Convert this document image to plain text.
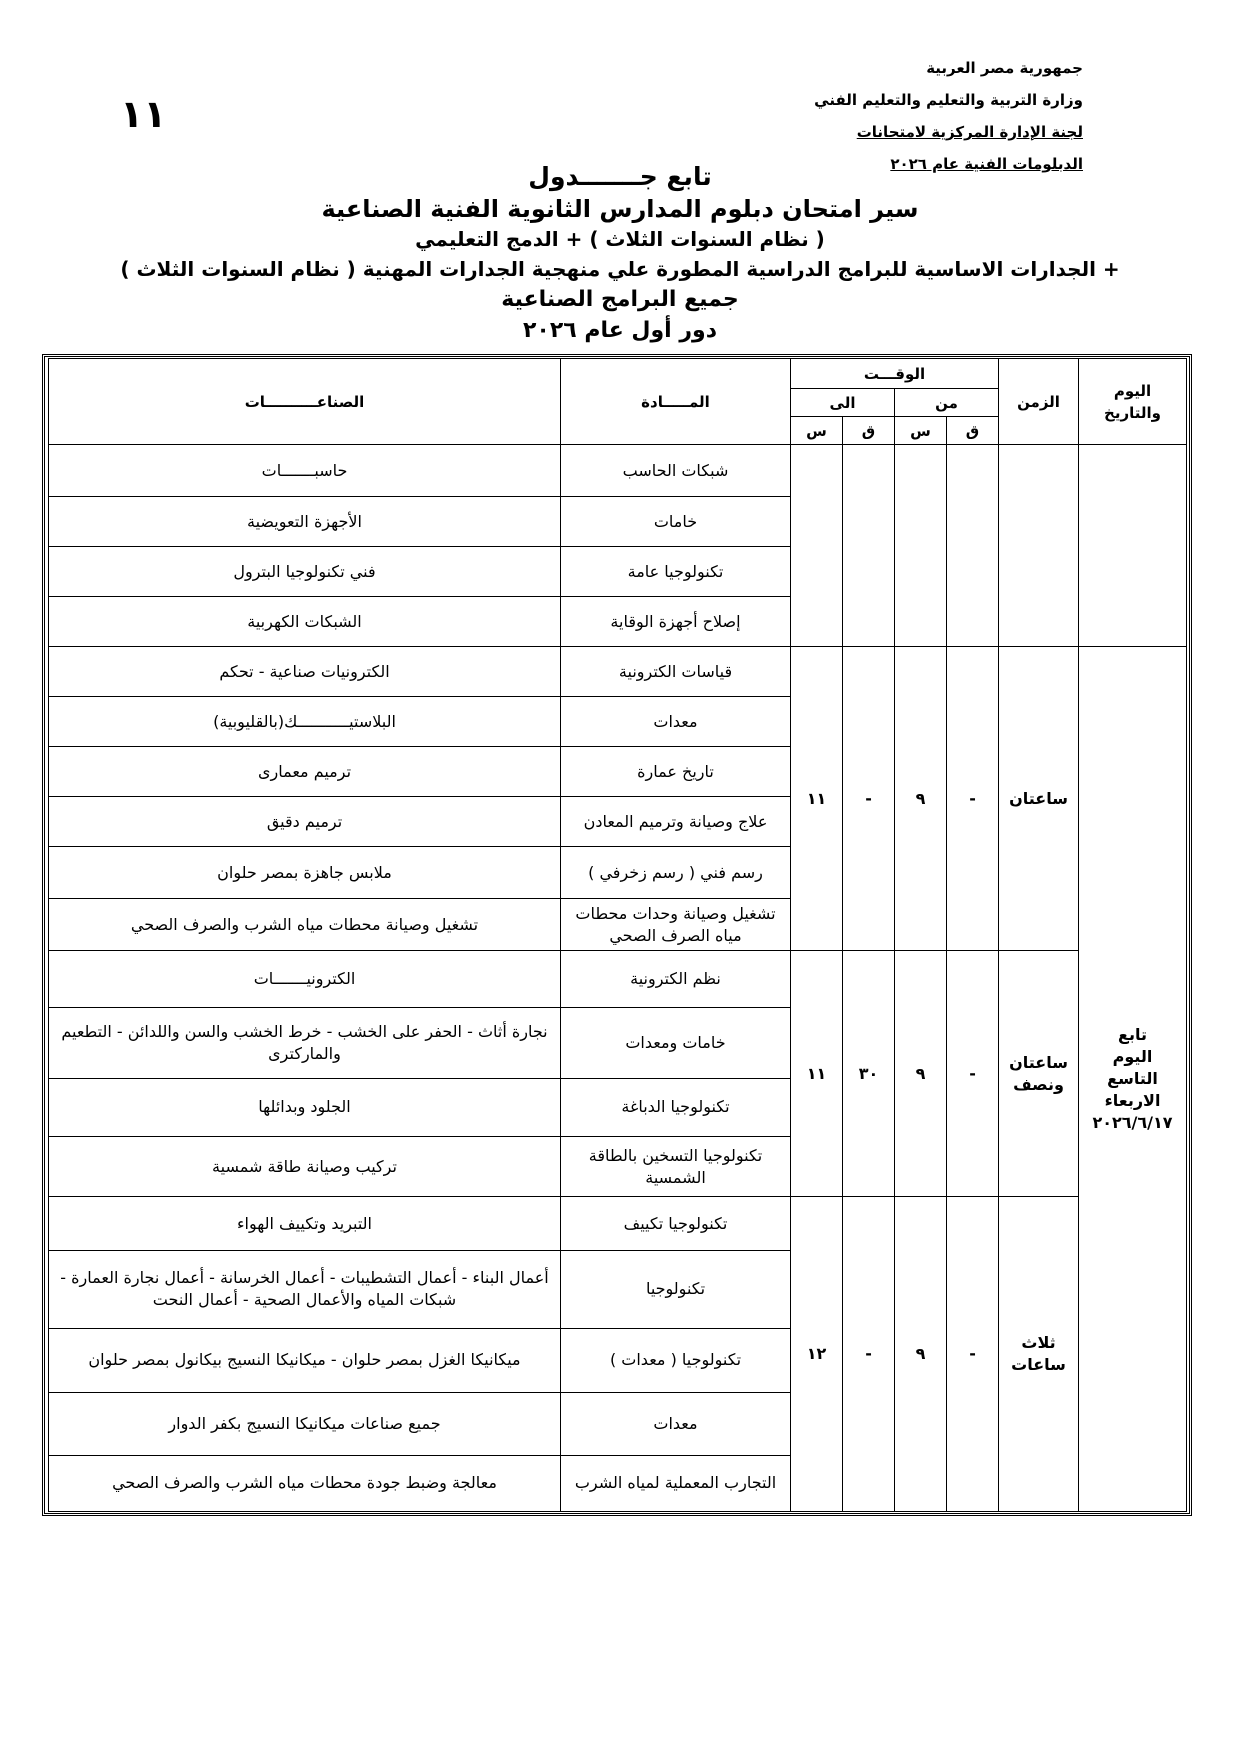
١١
جمهورية مصر العربية
وزارة التربية والتعليم والتعليم الفني
لجنة الإدارة المركزية لامتحانات
الدبلومات الفنية عام ٢٠٢٦
تابع جـــــــدول
سير امتحان دبلوم المدارس الثانوية الفنية الصناعية
( نظام السنوات الثلاث ) + الدمج التعليمي
+ الجدارات الاساسية للبرامج الدراسية المطورة علي منهجية الجدارات المهنية ( نظام السنوات الثلاث )
جميع البرامج الصناعية
دور أول عام ٢٠٢٦
اليوم والتاريخ	الزمن	الوقـــت				المـــــادة	الصناعــــــــــات
		من		الى			
		ق	س	ق	س		
						شبكات الحاسب	حاسبـــــــات
						خامات	الأجهزة التعويضية
						تكنولوجيا عامة	فني تكنولوجيا البترول
						إصلاح أجهزة الوقاية	الشبكات الكهربية

تابع
اليوم
التاسع
الاربعاء
٢٠٢٦/٦/١٧	ساعتان	-	٩	-	١١	قياسات الكترونية	الكترونيات صناعية - تحكم
						معدات	البلاستيـــــــــــك(بالقليوبية)
						تاريخ عمارة	ترميم معمارى
						علاج وصيانة وترميم المعادن	ترميم دقيق
						رسم فني ( رسم زخرفي )	ملابس جاهزة بمصر حلوان
						تشغيل وصيانة وحدات محطات مياه الصرف الصحي	تشغيل وصيانة محطات مياه الشرب والصرف الصحي
	ساعتان ونصف	-	٩	٣٠	١١	نظم الكترونية	الكترونيـــــــات
						خامات ومعدات	نجارة أثاث - الحفر على الخشب - خرط الخشب والسن واللدائن - التطعيم والماركترى
						تكنولوجيا الدباغة	الجلود وبدائلها
						تكنولوجيا التسخين بالطاقة الشمسية	تركيب وصيانة طاقة شمسية
	ثلاث ساعات	-	٩	-	١٢	تكنولوجيا تكييف	التبريد وتكييف الهواء
						تكنولوجيا	أعمال البناء - أعمال التشطيبات - أعمال الخرسانة - أعمال نجارة العمارة - شبكات المياه والأعمال الصحية - أعمال النحت
						تكنولوجيا ( معدات )	ميكانيكا الغزل بمصر حلوان - ميكانيكا النسيج بيكانول بمصر حلوان
						معدات	جميع صناعات ميكانيكا النسيج بكفر الدوار
						التجارب المعملية لمياه الشرب	معالجة وضبط جودة محطات مياه الشرب والصرف الصحي
